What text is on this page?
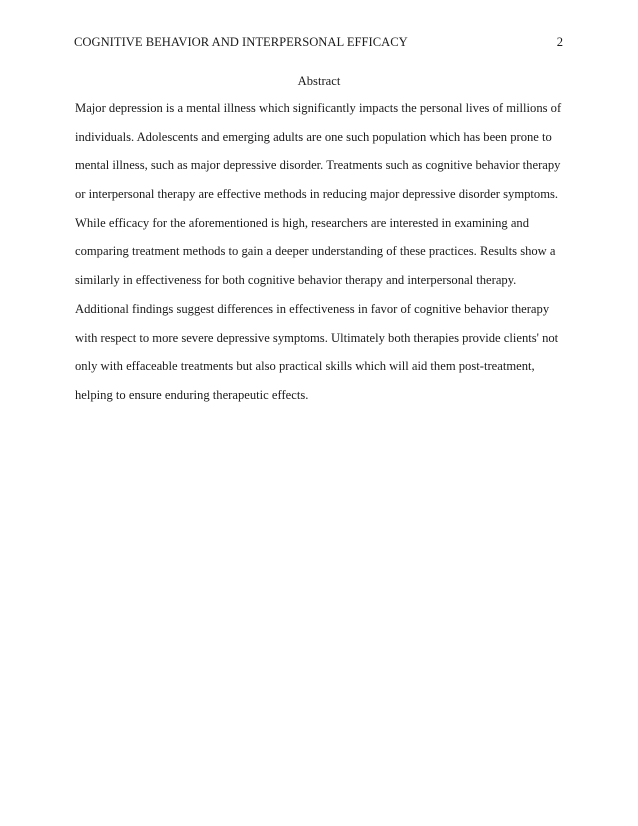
COGNITIVE BEHAVIOR AND INTERPERSONAL EFFICACY	2
Abstract
Major depression is a mental illness which significantly impacts the personal lives of millions of
individuals. Adolescents and emerging adults are one such population which has been prone to
mental illness, such as major depressive disorder. Treatments such as cognitive behavior therapy
or interpersonal therapy are effective methods in reducing major depressive disorder symptoms.
While efficacy for the aforementioned is high, researchers are interested in examining and
comparing treatment methods to gain a deeper understanding of these practices. Results show a
similarly in effectiveness for both cognitive behavior therapy and interpersonal therapy.
Additional findings suggest differences in effectiveness in favor of cognitive behavior therapy
with respect to more severe depressive symptoms. Ultimately both therapies provide clients' not
only with effaceable treatments but also practical skills which will aid them post-treatment,
helping to ensure enduring therapeutic effects.
